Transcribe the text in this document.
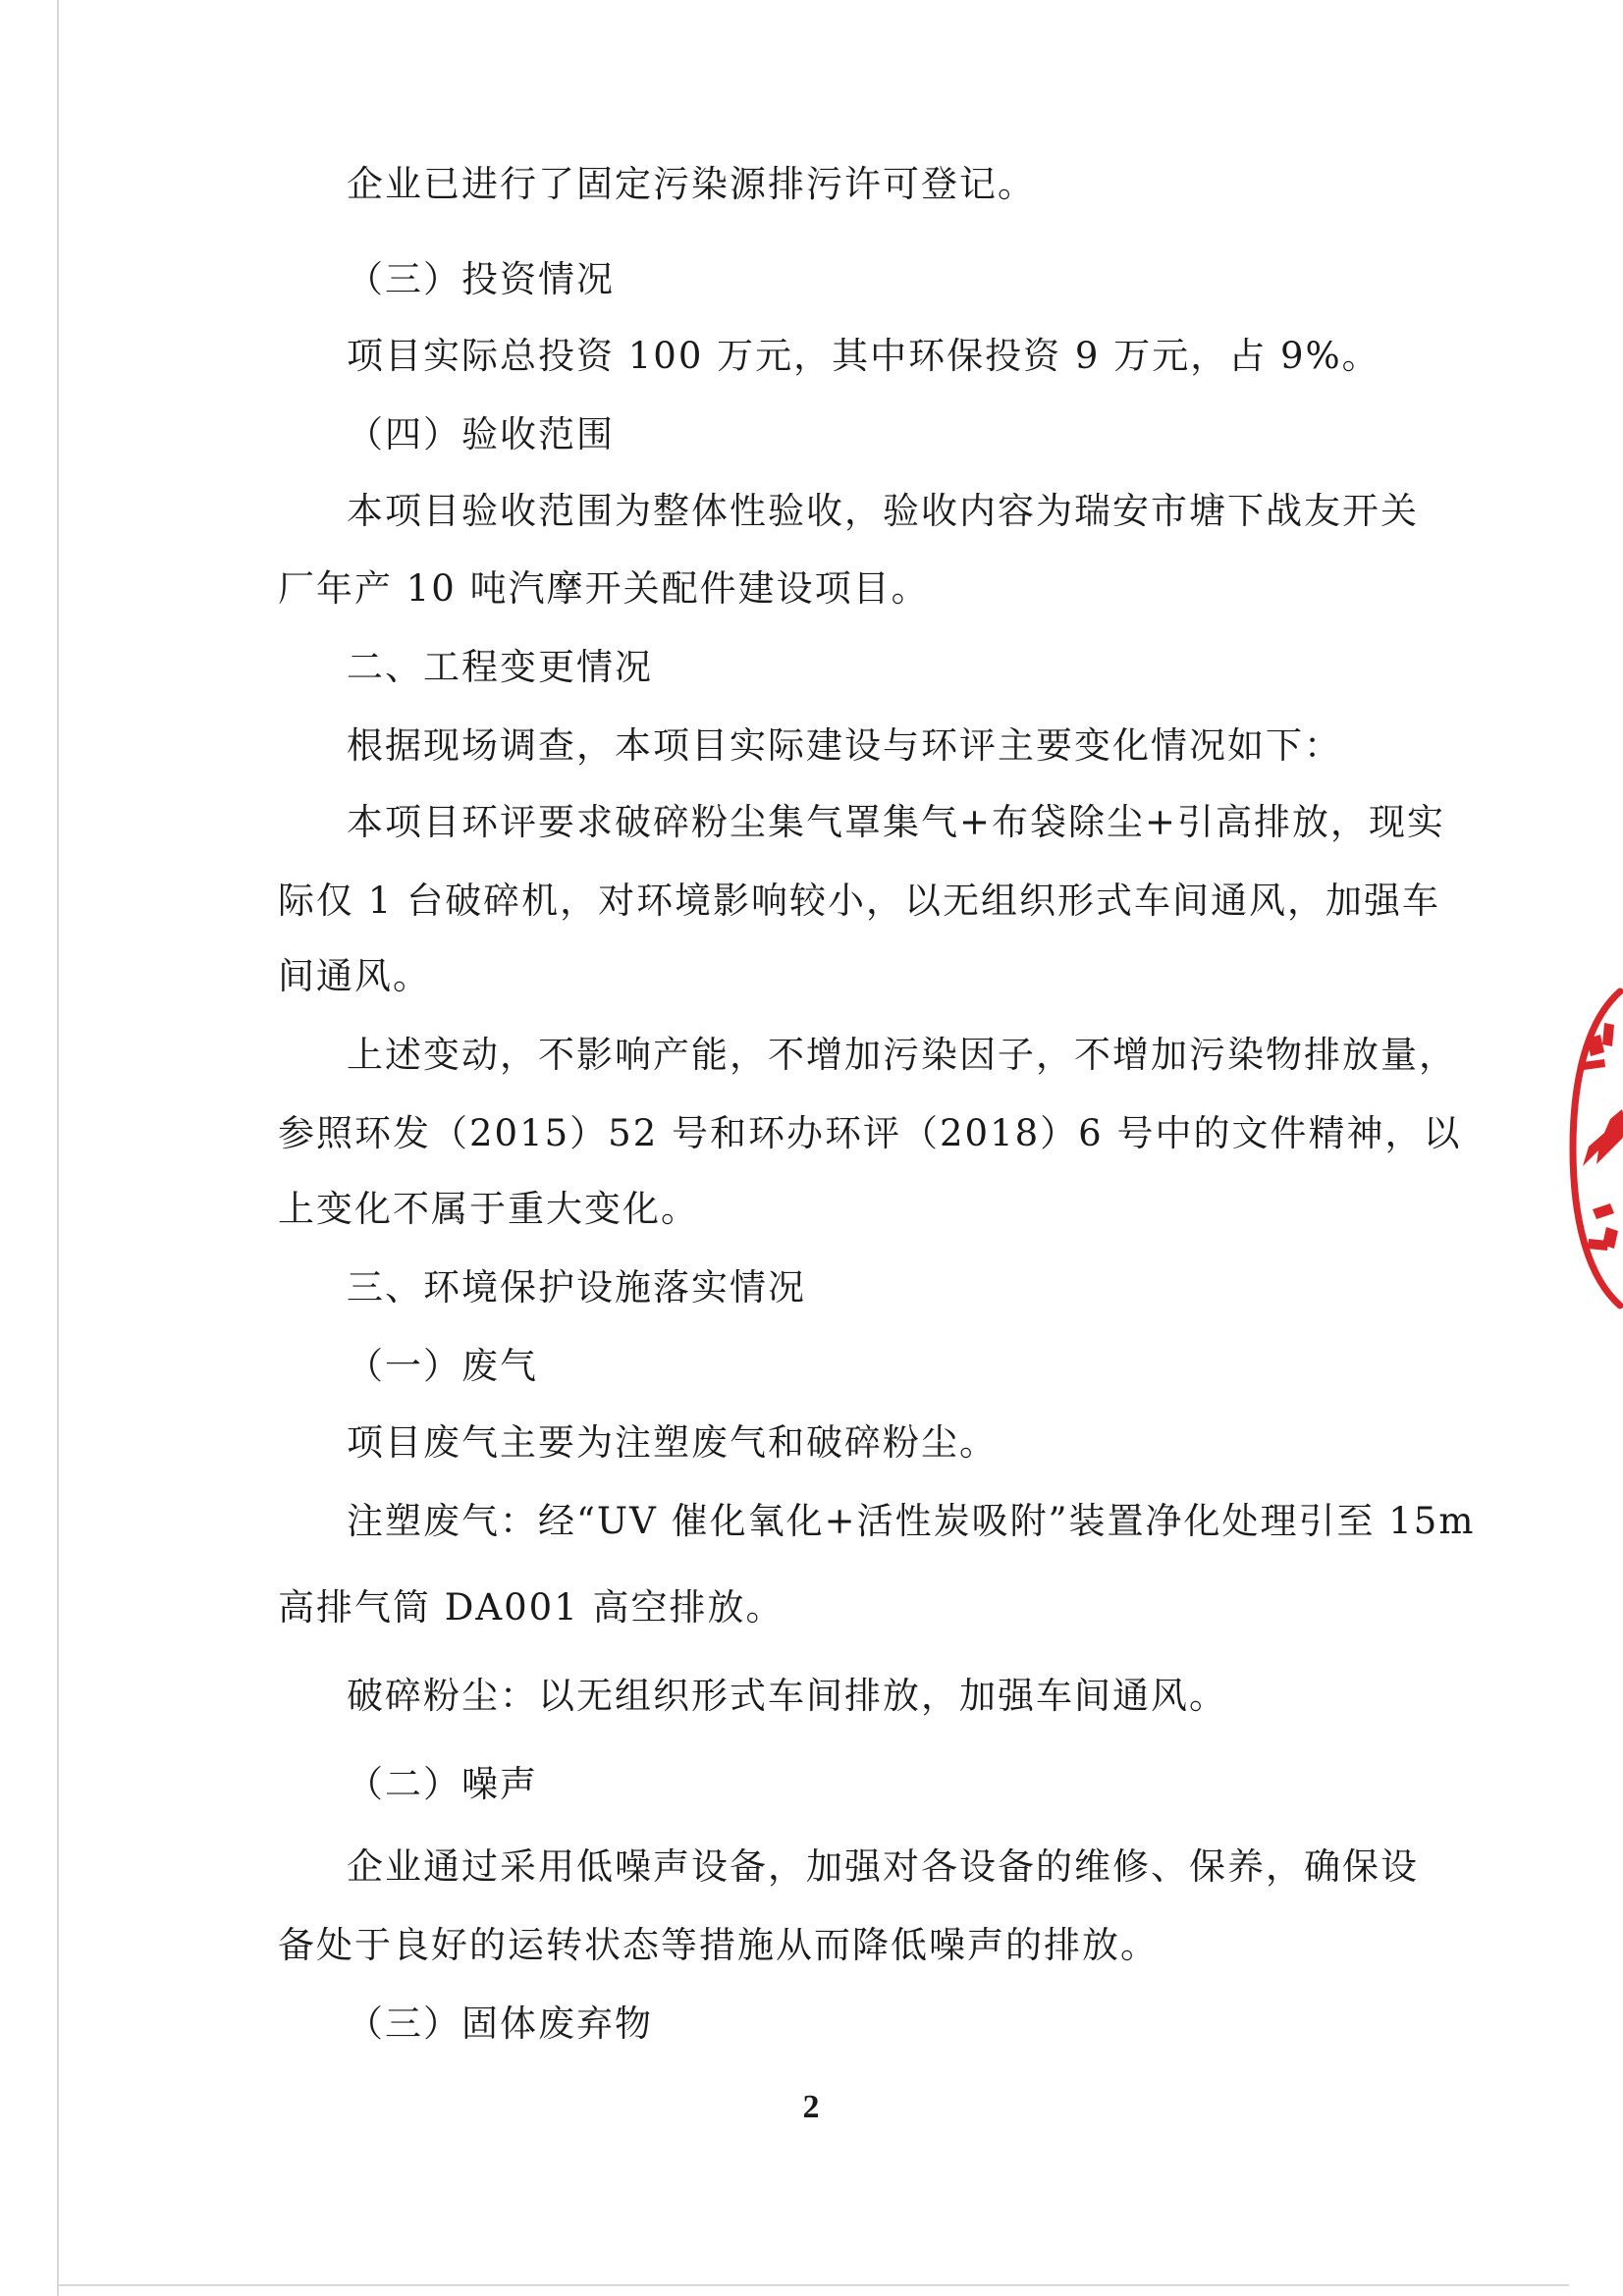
企业已进行了固定污染源排污许可登记。
（三）投资情况
项目实际总投资 100 万元，其中环保投资 9 万元，占 9%。
（四）验收范围
本项目验收范围为整体性验收，验收内容为瑞安市塘下战友开关
厂年产 10 吨汽摩开关配件建设项目。
二、工程变更情况
根据现场调查，本项目实际建设与环评主要变化情况如下：
本项目环评要求破碎粉尘集气罩集气+布袋除尘+引高排放，现实
际仅 1 台破碎机，对环境影响较小，以无组织形式车间通风，加强车
间通风。
上述变动，不影响产能，不增加污染因子，不增加污染物排放量，
参照环发（2015）52 号和环办环评（2018）6 号中的文件精神，以
上变化不属于重大变化。
三、环境保护设施落实情况
（一）废气
项目废气主要为注塑废气和破碎粉尘。
注塑废气：经“UV 催化氧化+活性炭吸附”装置净化处理引至 15m
高排气筒 DA001 高空排放。
破碎粉尘：以无组织形式车间排放，加强车间通风。
（二）噪声
企业通过采用低噪声设备，加强对各设备的维修、保养，确保设
备处于良好的运转状态等措施从而降低噪声的排放。
（三）固体废弃物
2
